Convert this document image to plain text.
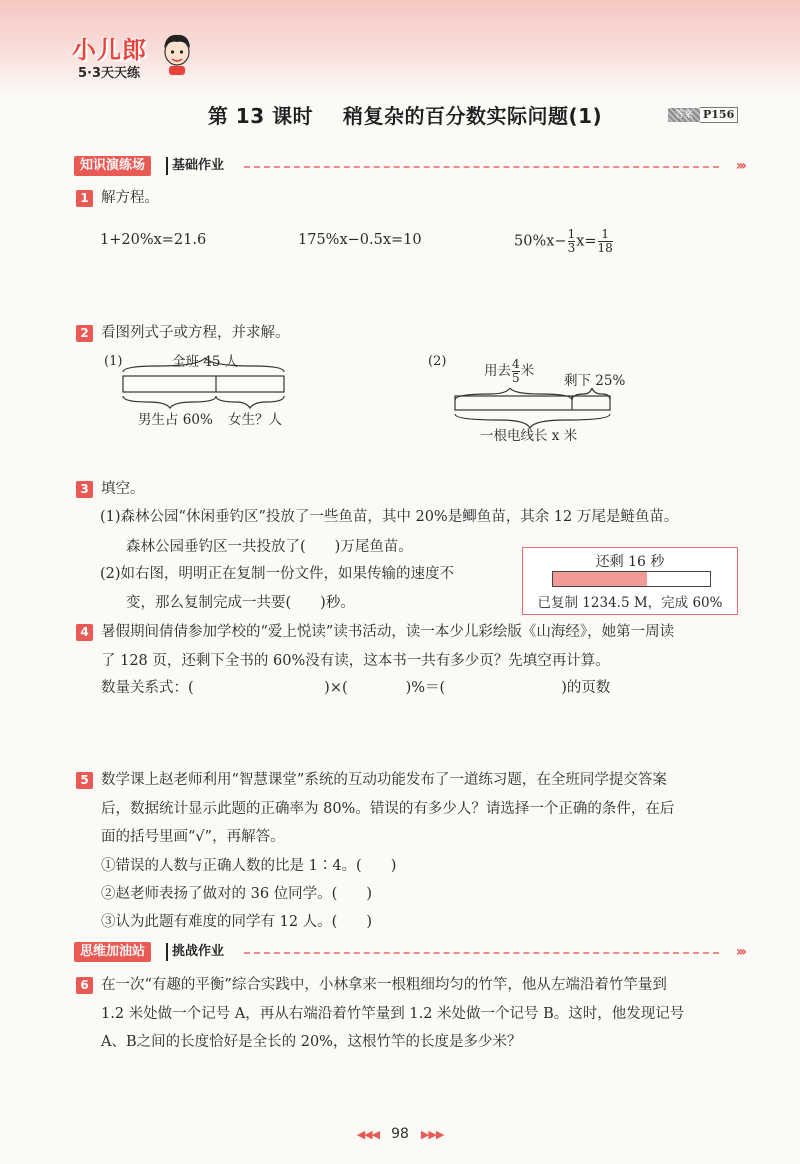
小儿郎
5·3天天练
第 13 课时 稍复杂的百分数实际问题(1)	答案 P156
知识演练场	基础作业	›››
1 解方程。
1+20%x=21.6	175%x−0.5x=10	$50\%x- \frac{1}{3} x= \frac{1}{18}$
2 看图列式子或方程，并求解。
(1)	全班 45 人
男生占 60% 女生？人
(2)
用去 $\frac{4}{5}$ 米
剩下 25%
一根电线长 x 米
3 填空。
(1)森林公园“休闲垂钓区”投放了一些鱼苗，其中 20%是鲫鱼苗，其余 12 万尾是鲢鱼苗。
森林公园垂钓区一共投放了(　　)万尾鱼苗。
(2)如右图，明明正在复制一份文件，如果传输的速度不
变，那么复制完成一共要(　　)秒。
还剩 16 秒
已复制 1234.5 M，完成 60%
4 暑假期间倩倩参加学校的“爱上悦读”读书活动，读一本少儿彩绘版《山海经》，她第一周读
了 128 页，还剩下全书的 60%没有读，这本书一共有多少页？先填空再计算。
数量关系式：(　　　　　　　　　)×(　　　　)%＝(　　　　　　　　)的页数
5 数学课上赵老师利用“智慧课堂”系统的互动功能发布了一道练习题，在全班同学提交答案
后，数据统计显示此题的正确率为 80%。错误的有多少人？请选择一个正确的条件，在后
面的括号里画“√”，再解答。
①错误的人数与正确人数的比是 1∶4。(　　)
②赵老师表扬了做对的 36 位同学。(　　)
③认为此题有难度的同学有 12 人。(　　)
思维加油站	挑战作业	›››
6 在一次“有趣的平衡”综合实践中，小林拿来一根粗细均匀的竹竿，他从左端沿着竹竿量到
1.2 米处做一个记号 A，再从右端沿着竹竿量到 1.2 米处做一个记号 B。这时，他发现记号
A、B之间的长度恰好是全长的 20%，这根竹竿的长度是多少米？
◀◀◀ 98 ▶▶▶
